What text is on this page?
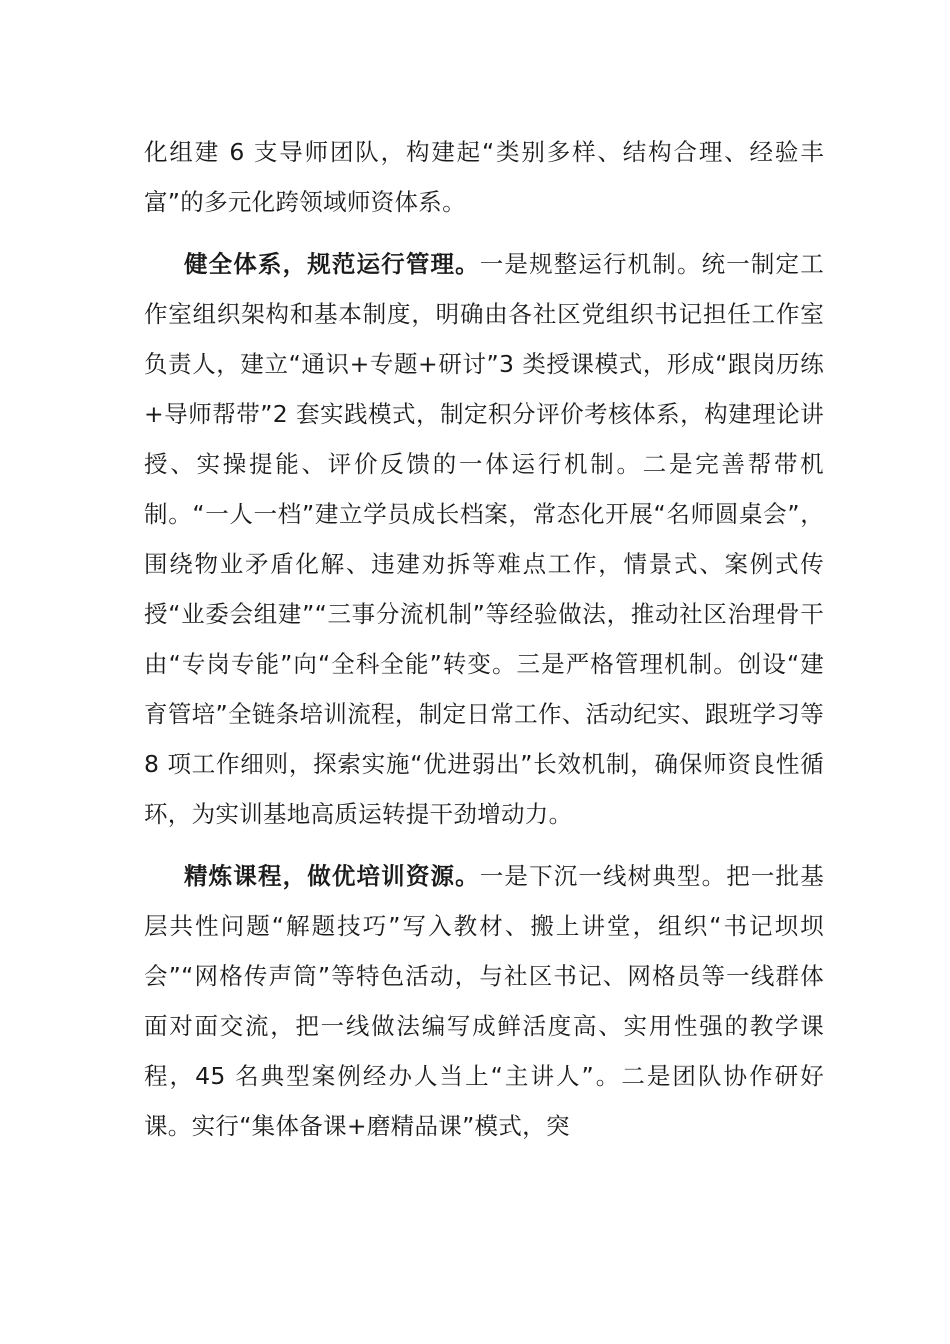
化组建 6 支导师团队，构建起“类别多样、结构合理、经验丰富”的多元化跨领域师资体系。

健全体系，规范运行管理。一是规整运行机制。统一制定工作室组织架构和基本制度，明确由各社区党组织书记担任工作室负责人，建立“通识+专题+研讨”3 类授课模式，形成“跟岗历练+导师帮带”2 套实践模式，制定积分评价考核体系，构建理论讲授、实操提能、评价反馈的一体运行机制。二是完善帮带机制。“一人一档”建立学员成长档案，常态化开展“名师圆桌会”，围绕物业矛盾化解、违建劝拆等难点工作，情景式、案例式传授“业委会组建”“三事分流机制”等经验做法，推动社区治理骨干由“专岗专能”向“全科全能”转变。三是严格管理机制。创设“建育管培”全链条培训流程，制定日常工作、活动纪实、跟班学习等 8 项工作细则，探索实施“优进弱出”长效机制，确保师资良性循环，为实训基地高质运转提干劲增动力。

精炼课程，做优培训资源。一是下沉一线树典型。把一批基层共性问题“解题技巧”写入教材、搬上讲堂，组织“书记坝坝会”“网格传声筒”等特色活动，与社区书记、网格员等一线群体面对面交流，把一线做法编写成鲜活度高、实用性强的教学课程，45 名典型案例经办人当上“主讲人”。二是团队协作研好课。实行“集体备课+磨精品课”模式，突
